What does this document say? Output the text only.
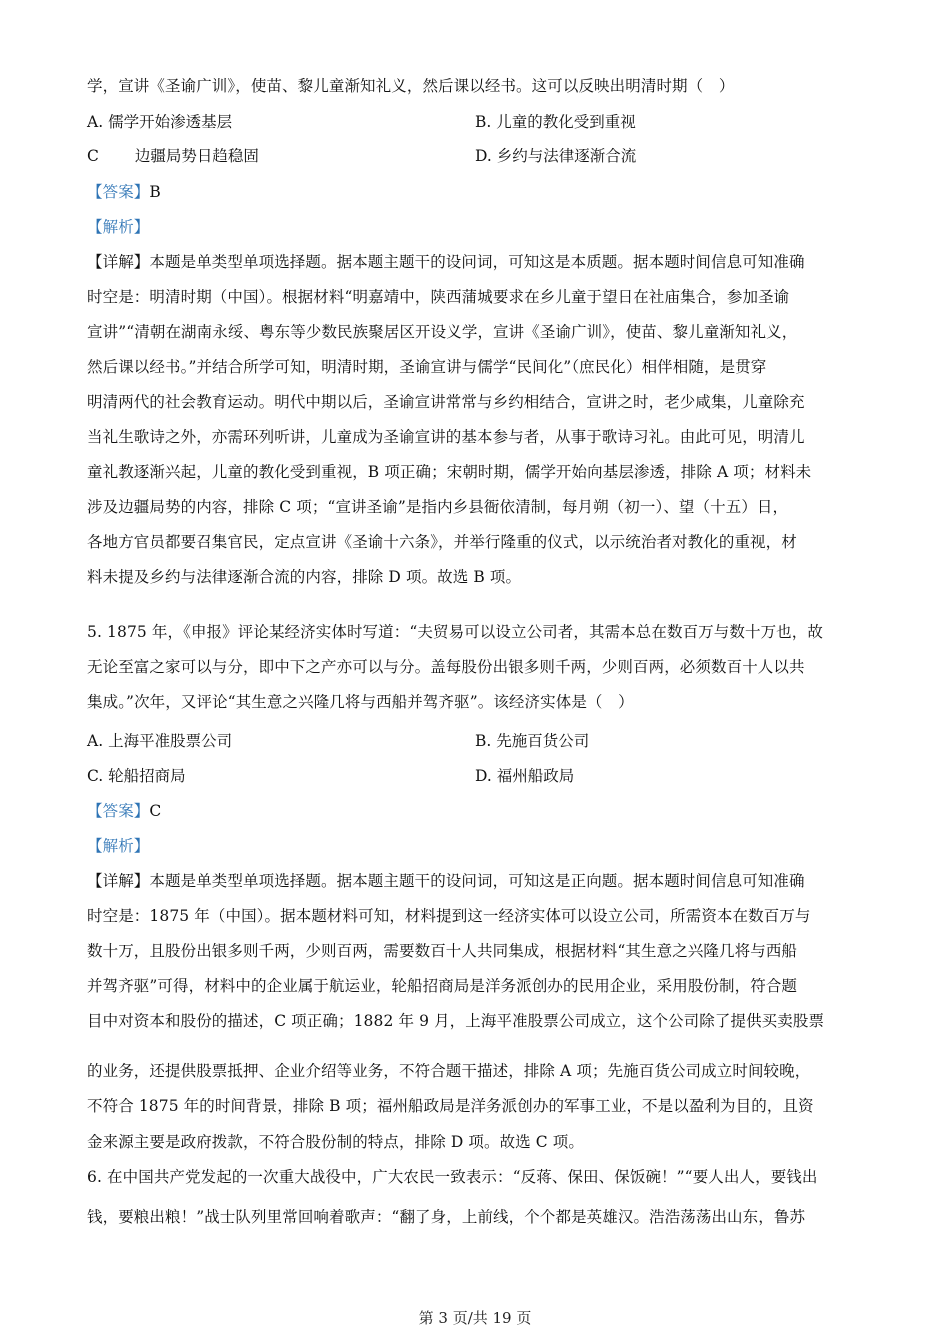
学，宣讲《圣谕广训》，使苗、黎儿童渐知礼义，然后课以经书。这可以反映出明清时期（　）
A. 儒学开始渗透基层	B. 儿童的教化受到重视
C 边疆局势日趋稳固	D. 乡约与法律逐渐合流
【答案】B
【解析】
【详解】本题是单类型单项选择题。据本题主题干的设问词，可知这是本质题。据本题时间信息可知准确
时空是：明清时期（中国）。根据材料“明嘉靖中，陕西蒲城要求在乡儿童于望日在社庙集合，参加圣谕
宣讲”“清朝在湖南永绥、粤东等少数民族聚居区开设义学，宣讲《圣谕广训》，使苗、黎儿童渐知礼义，
然后课以经书。”并结合所学可知，明清时期，圣谕宣讲与儒学“民间化”（庶民化）相伴相随，是贯穿
明清两代的社会教育运动。明代中期以后，圣谕宣讲常常与乡约相结合，宣讲之时，老少咸集，儿童除充
当礼生歌诗之外，亦需环列听讲，儿童成为圣谕宣讲的基本参与者，从事于歌诗习礼。由此可见，明清儿
童礼教逐渐兴起，儿童的教化受到重视，B 项正确；宋朝时期，儒学开始向基层渗透，排除 A 项；材料未
涉及边疆局势的内容，排除 C 项；“宣讲圣谕”是指内乡县衙依清制，每月朔（初一）、望（十五）日，
各地方官员都要召集官民，定点宣讲《圣谕十六条》，并举行隆重的仪式，以示统治者对教化的重视，材
料未提及乡约与法律逐渐合流的内容，排除 D 项。故选 B 项。
5. 1875 年，《申报》评论某经济实体时写道：“夫贸易可以设立公司者，其需本总在数百万与数十万也，故
无论至富之家可以与分，即中下之产亦可以与分。盖每股份出银多则千两，少则百两，必须数百十人以共
集成。”次年，又评论“其生意之兴隆几将与西船并驾齐驱”。该经济实体是（　）
A. 上海平准股票公司	B. 先施百货公司
C. 轮船招商局	D. 福州船政局
【答案】C
【解析】
【详解】本题是单类型单项选择题。据本题主题干的设问词，可知这是正向题。据本题时间信息可知准确
时空是：1875 年（中国）。据本题材料可知，材料提到这一经济实体可以设立公司，所需资本在数百万与
数十万，且股份出银多则千两，少则百两，需要数百十人共同集成，根据材料“其生意之兴隆几将与西船
并驾齐驱”可得，材料中的企业属于航运业，轮船招商局是洋务派创办的民用企业，采用股份制，符合题
目中对资本和股份的描述，C 项正确；1882 年 9 月，上海平准股票公司成立，这个公司除了提供买卖股票
的业务，还提供股票抵押、企业介绍等业务，不符合题干描述，排除 A 项；先施百货公司成立时间较晚，
不符合 1875 年的时间背景，排除 B 项；福州船政局是洋务派创办的军事工业，不是以盈利为目的，且资
金来源主要是政府拨款，不符合股份制的特点，排除 D 项。故选 C 项。
6. 在中国共产党发起的一次重大战役中，广大农民一致表示：“反蒋、保田、保饭碗！”“要人出人，要钱出
钱，要粮出粮！”战士队列里常回响着歌声：“翻了身，上前线，个个都是英雄汉。浩浩荡荡出山东，鲁苏
第 3 页/共 19 页
